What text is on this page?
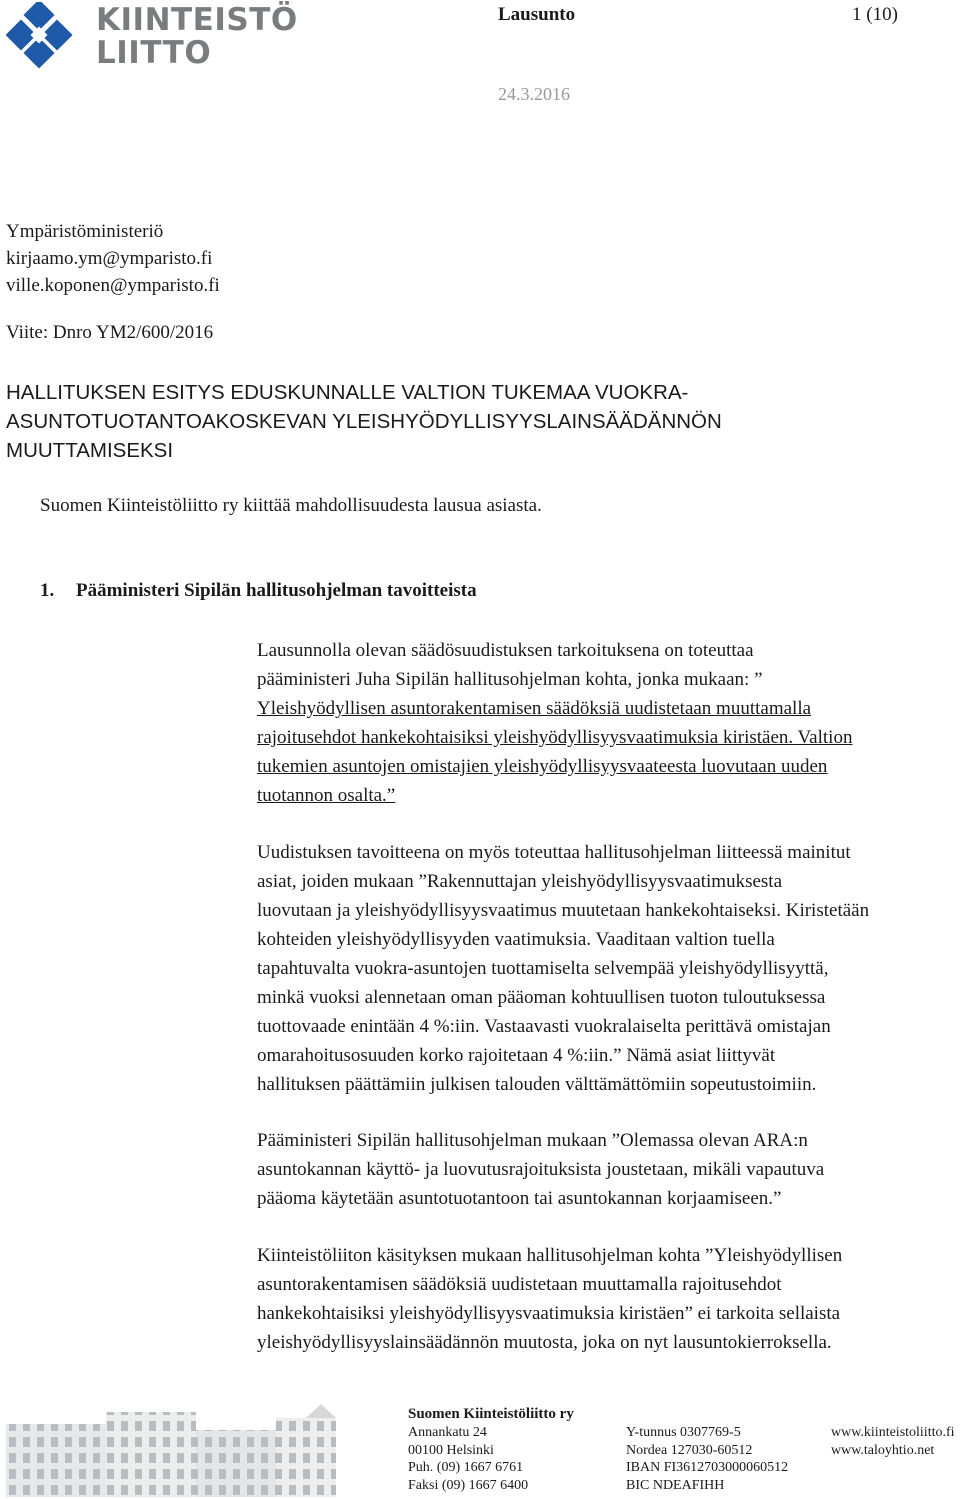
KIINTEISTÖ
LIITTO
Lausunto	1 (10)
24.3.2016
Ympäristöministeriö
kirjaamo.ym@ymparisto.fi
ville.koponen@ymparisto.fi
Viite: Dnro YM2/600/2016
HALLITUKSEN ESITYS EDUSKUNNALLE VALTION TUKEMAA VUOKRA-
ASUNTOTUOTANTOAKOSKEVAN YLEISHYÖDYLLISYYSLAINSÄÄDÄNNÖN
MUUTTAMISEKSI
Suomen Kiinteistöliitto ry kiittää mahdollisuudesta lausua asiasta.
1. Pääministeri Sipilän hallitusohjelman tavoitteista
Lausunnolla olevan säädösuudistuksen tarkoituksena on toteuttaa
pääministeri Juha Sipilän hallitusohjelman kohta, jonka mukaan: ”
Yleishyödyllisen asuntorakentamisen säädöksiä uudistetaan muuttamalla
rajoitusehdot hankekohtaisiksi yleishyödyllisyysvaatimuksia kiristäen. Valtion
tukemien asuntojen omistajien yleishyödyllisyysvaateesta luovutaan uuden
tuotannon osalta.”
Uudistuksen tavoitteena on myös toteuttaa hallitusohjelman liitteessä mainitut
asiat, joiden mukaan ”Rakennuttajan yleishyödyllisyysvaatimuksesta
luovutaan ja yleishyödyllisyysvaatimus muutetaan hankekohtaiseksi. Kiristetään
kohteiden yleishyödyllisyyden vaatimuksia. Vaaditaan valtion tuella
tapahtuvalta vuokra-asuntojen tuottamiselta selvempää yleishyödyllisyyttä,
minkä vuoksi alennetaan oman pääoman kohtuullisen tuoton tuloutuksessa
tuottovaade enintään 4 %:iin. Vastaavasti vuokralaiselta perittävä omistajan
omarahoitusosuuden korko rajoitetaan 4 %:iin.” Nämä asiat liittyvät
hallituksen päättämiin julkisen talouden välttämättömiin sopeutustoimiin.
Pääministeri Sipilän hallitusohjelman mukaan ”Olemassa olevan ARA:n
asuntokannan käyttö- ja luovutusrajoituksista joustetaan, mikäli vapautuva
pääoma käytetään asuntotuotantoon tai asuntokannan korjaamiseen.”
Kiinteistöliiton käsityksen mukaan hallitusohjelman kohta ”Yleishyödyllisen
asuntorakentamisen säädöksiä uudistetaan muuttamalla rajoitusehdot
hankekohtaisiksi yleishyödyllisyysvaatimuksia kiristäen” ei tarkoita sellaista
yleishyödyllisyyslainsäädännön muutosta, joka on nyt lausuntokierroksella.
Suomen Kiinteistöliitto ry
Annankatu 24
00100 Helsinki
Puh. (09) 1667 6761
Faksi (09) 1667 6400
Y-tunnus 0307769-5
Nordea 127030-60512
IBAN FI3612703000060512
BIC NDEAFIHH
www.kiinteistoliitto.fi
www.taloyhtio.net
